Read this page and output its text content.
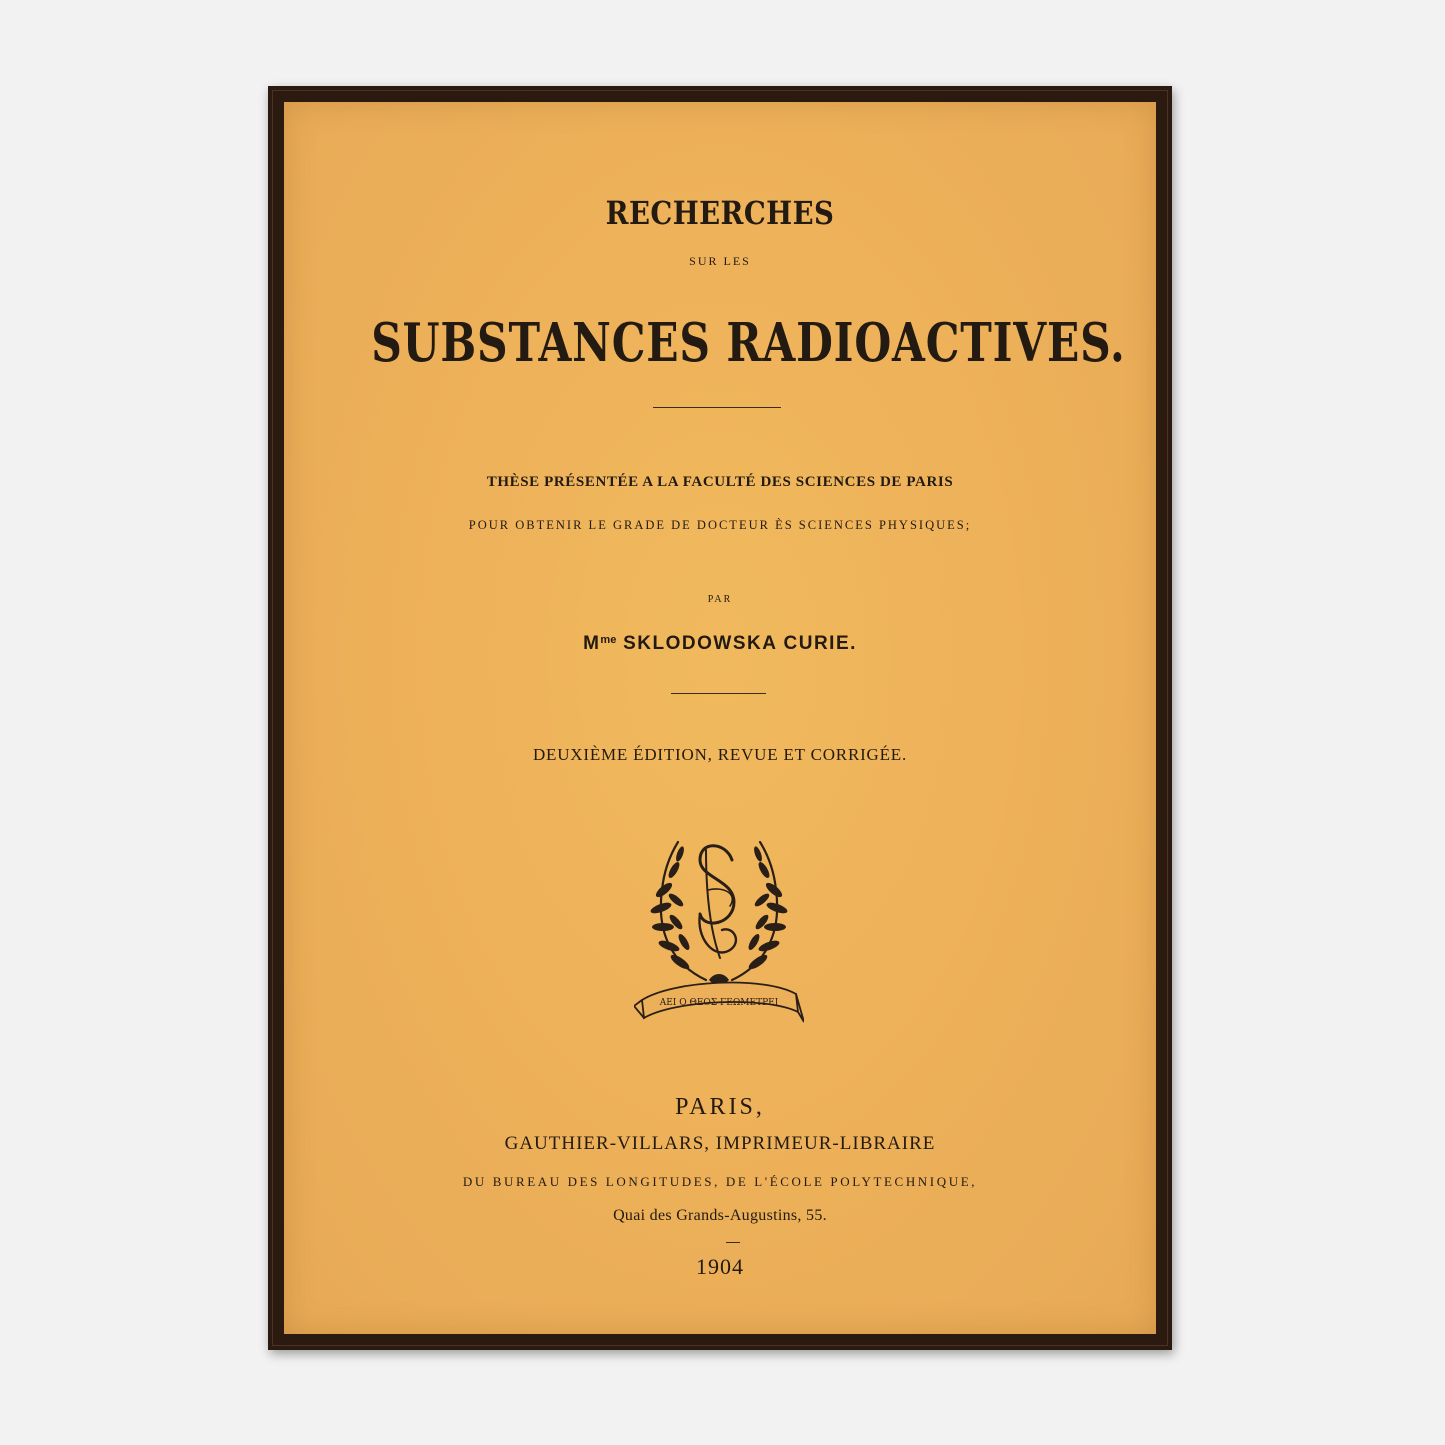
RECHERCHES
SUR LES
SUBSTANCES RADIOACTIVES.
THÈSE PRÉSENTÉE A LA FACULTÉ DES SCIENCES DE PARIS
POUR OBTENIR LE GRADE DE DOCTEUR ÈS SCIENCES PHYSIQUES;
PAR
$M^{me}$ SKLODOWSKA CURIE.
DEUXIÈME ÉDITION, REVUE ET CORRIGÉE.
ΑΕΙ Ο ΘΕΟΣ ΓΕΩΜΕΤΡΕΙ
PARIS,
GAUTHIER-VILLARS, IMPRIMEUR-LIBRAIRE
DU BUREAU DES LONGITUDES, DE L'ÉCOLE POLYTECHNIQUE,
Quai des Grands-Augustins, 55.
1904
